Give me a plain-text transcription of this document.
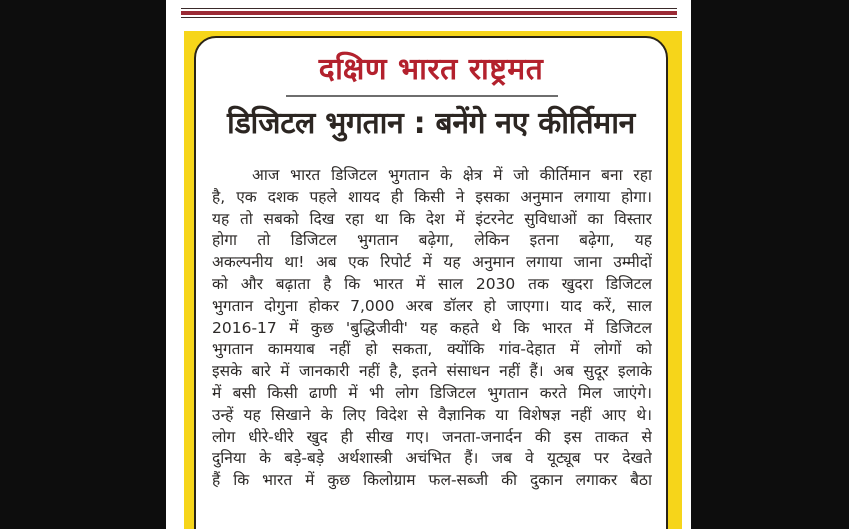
दक्षिण भारत राष्ट्रमत
डिजिटल भुगतान : बनेंगे नए कीर्तिमान
आज भारत डिजिटल भुगतान के क्षेत्र में जो कीर्तिमान बना रहा
है, एक दशक पहले शायद ही किसी ने इसका अनुमान लगाया होगा।
यह तो सबको दिख रहा था कि देश में इंटरनेट सुविधाओं का विस्तार
होगा तो डिजिटल भुगतान बढ़ेगा, लेकिन इतना बढ़ेगा, यह
अकल्पनीय था! अब एक रिपोर्ट में यह अनुमान लगाया जाना उम्मीदों
को और बढ़ाता है कि भारत में साल 2030 तक खुदरा डिजिटल
भुगतान दोगुना होकर 7,000 अरब डॉलर हो जाएगा। याद करें, साल
2016-17 में कुछ 'बुद्धिजीवी' यह कहते थे कि भारत में डिजिटल
भुगतान कामयाब नहीं हो सकता, क्योंकि गांव-देहात में लोगों को
इसके बारे में जानकारी नहीं है, इतने संसाधन नहीं हैं। अब सुदूर इलाके
में बसी किसी ढाणी में भी लोग डिजिटल भुगतान करते मिल जाएंगे।
उन्हें यह सिखाने के लिए विदेश से वैज्ञानिक या विशेषज्ञ नहीं आए थे।
लोग धीरे-धीरे खुद ही सीख गए। जनता-जनार्दन की इस ताकत से
दुनिया के बड़े-बड़े अर्थशास्त्री अचंभित हैं। जब वे यूट्यूब पर देखते
हैं कि भारत में कुछ किलोग्राम फल-सब्जी की दुकान लगाकर बैठा
